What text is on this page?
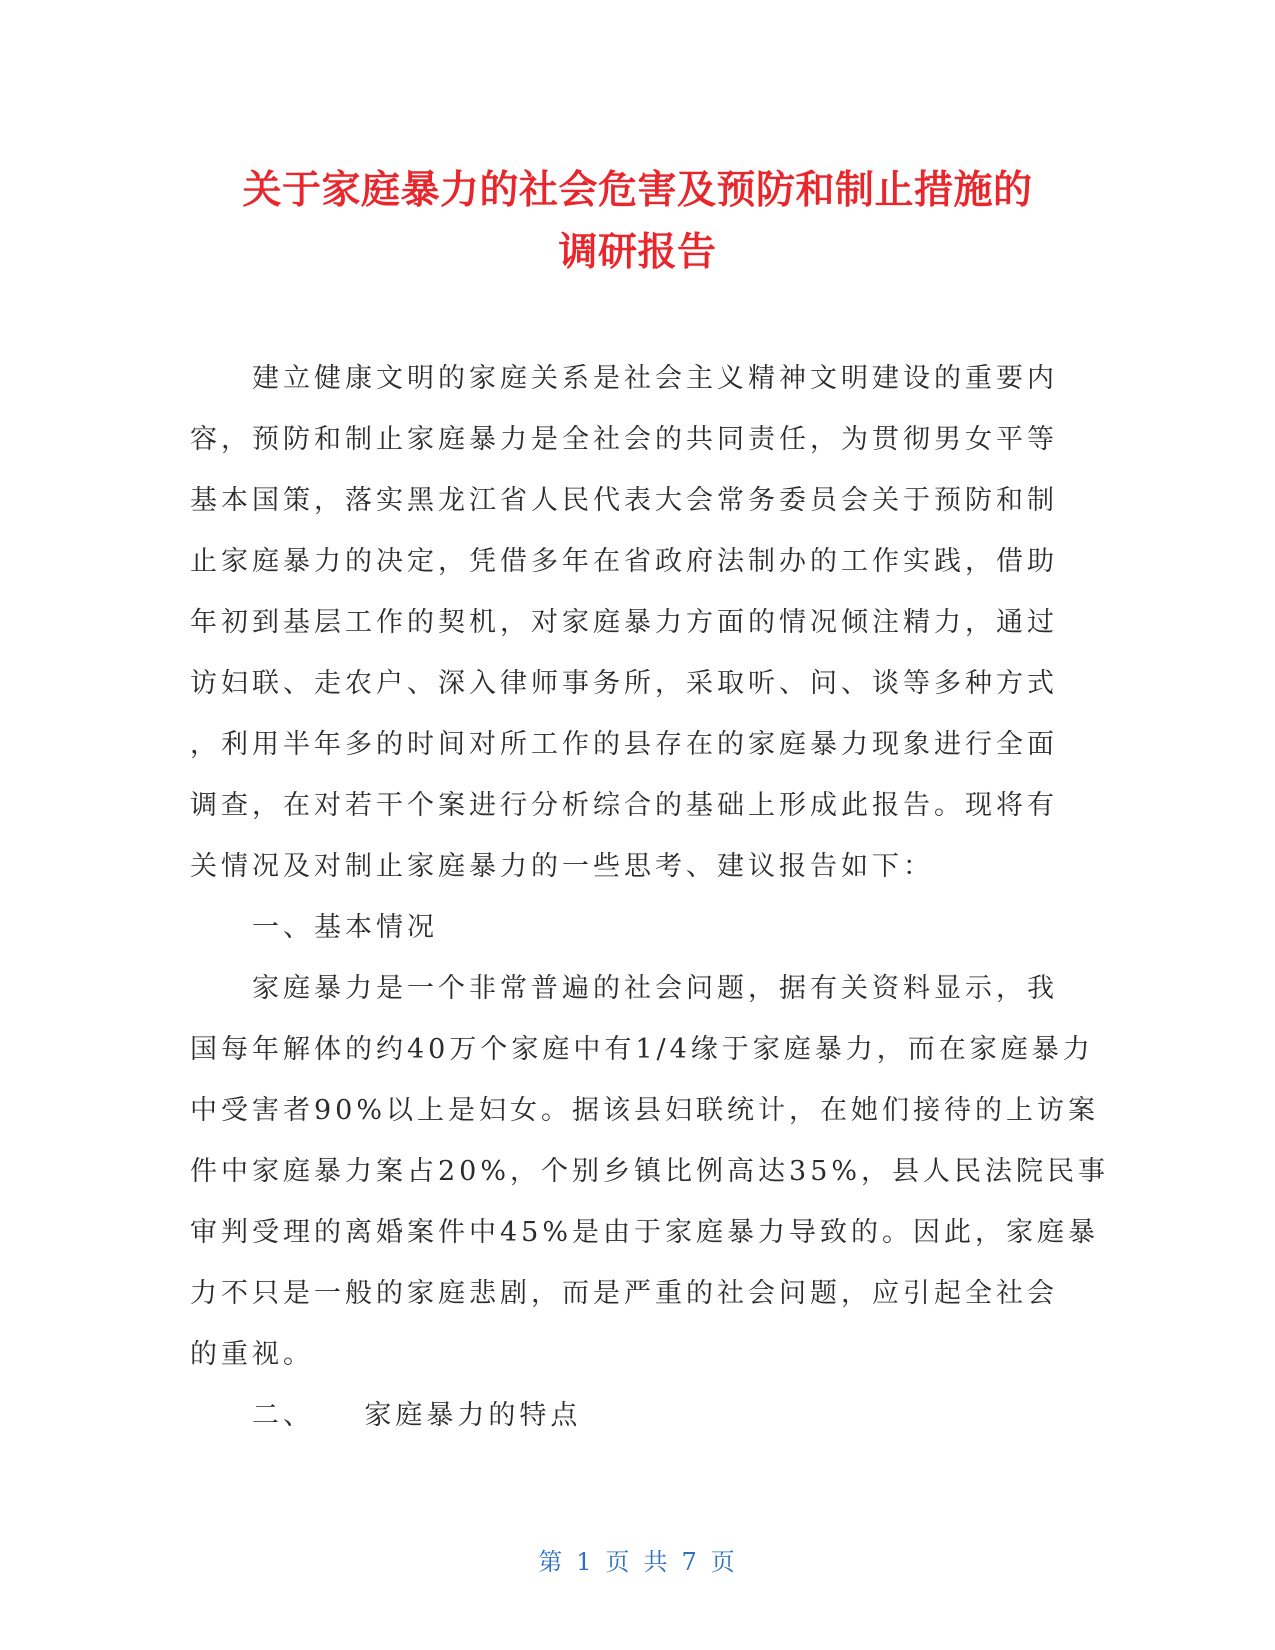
关于家庭暴力的社会危害及预防和制止措施的
调研报告
建立健康文明的家庭关系是社会主义精神文明建设的重要内
容，预防和制止家庭暴力是全社会的共同责任，为贯彻男女平等
基本国策，落实黑龙江省人民代表大会常务委员会关于预防和制
止家庭暴力的决定，凭借多年在省政府法制办的工作实践，借助
年初到基层工作的契机，对家庭暴力方面的情况倾注精力，通过
访妇联、走农户、深入律师事务所，采取听、问、谈等多种方式
，利用半年多的时间对所工作的县存在的家庭暴力现象进行全面
调查，在对若干个案进行分析综合的基础上形成此报告。现将有
关情况及对制止家庭暴力的一些思考、建议报告如下：
一、基本情况
家庭暴力是一个非常普遍的社会问题，据有关资料显示，我
国每年解体的约40万个家庭中有1/4缘于家庭暴力，而在家庭暴力
中受害者90%以上是妇女。据该县妇联统计，在她们接待的上访案
件中家庭暴力案占20%，个别乡镇比例高达35%，县人民法院民事
审判受理的离婚案件中45%是由于家庭暴力导致的。因此，家庭暴
力不只是一般的家庭悲剧，而是严重的社会问题，应引起全社会
的重视。
二、    家庭暴力的特点
第 1 页 共 7 页
